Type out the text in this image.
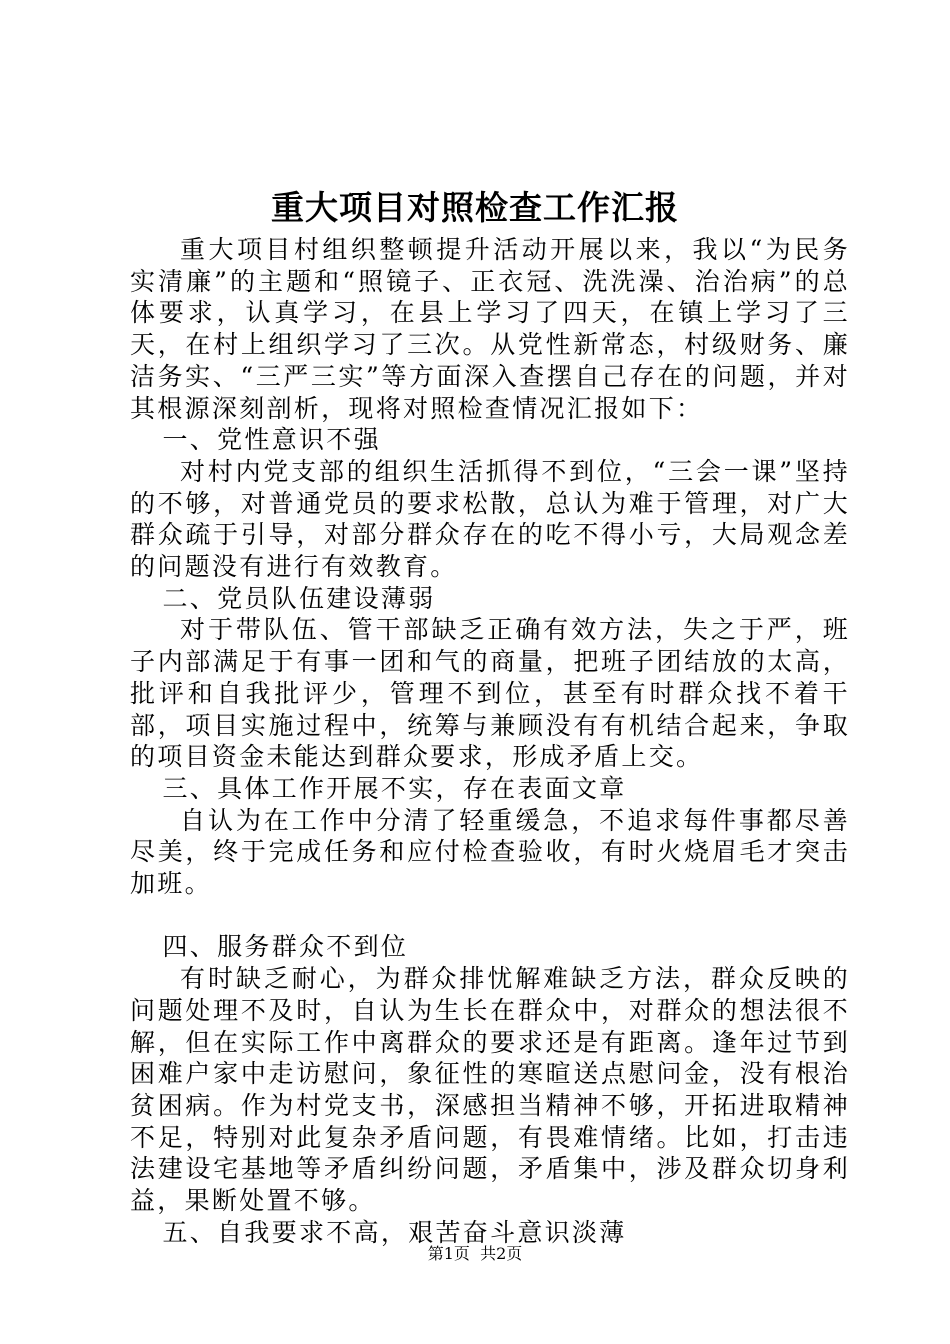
重大项目对照检查工作汇报

重大项目村组织整顿提升活动开展以来，我以“为民务实清廉”的主题和“照镜子、正衣冠、洗洗澡、治治病”的总体要求，认真学习，在县上学习了四天，在镇上学习了三天，在村上组织学习了三次。从党性新常态，村级财务、廉洁务实、“三严三实”等方面深入查摆自己存在的问题，并对其根源深刻剖析，现将对照检查情况汇报如下：

一、党性意识不强

对村内党支部的组织生活抓得不到位，“三会一课”坚持的不够，对普通党员的要求松散，总认为难于管理，对广大群众疏于引导，对部分群众存在的吃不得小亏，大局观念差的问题没有进行有效教育。

二、党员队伍建设薄弱

对于带队伍、管干部缺乏正确有效方法，失之于严，班子内部满足于有事一团和气的商量，把班子团结放的太高，批评和自我批评少，管理不到位，甚至有时群众找不着干部，项目实施过程中，统筹与兼顾没有有机结合起来，争取的项目资金未能达到群众要求，形成矛盾上交。

三、具体工作开展不实，存在表面文章

自认为在工作中分清了轻重缓急，不追求每件事都尽善尽美，终于完成任务和应付检查验收，有时火烧眉毛才突击加班。

四、服务群众不到位

有时缺乏耐心，为群众排忧解难缺乏方法，群众反映的问题处理不及时，自认为生长在群众中，对群众的想法很不解，但在实际工作中离群众的要求还是有距离。逢年过节到困难户家中走访慰问，象征性的寒暄送点慰问金，没有根治贫困病。作为村党支书，深感担当精神不够，开拓进取精神不足，特别对此复杂矛盾问题，有畏难情绪。比如，打击违法建设宅基地等矛盾纠纷问题，矛盾集中，涉及群众切身利益，果断处置不够。

五、自我要求不高，艰苦奋斗意识淡薄

第1页  共2页
